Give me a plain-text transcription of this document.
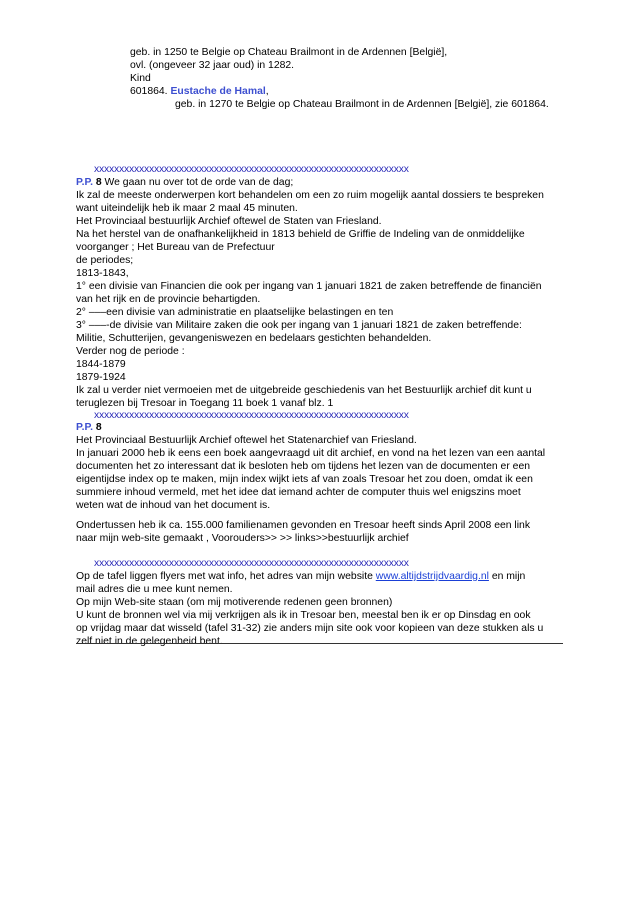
geb. in 1250 te Belgie op Chateau Brailmont in de Ardennen [België],
ovl. (ongeveer 32 jaar oud) in 1282.
Kind
601864. Eustache de Hamal,
geb. in 1270 te Belgie op Chateau Brailmont in de Ardennen [België], zie 601864.
xxxxxxxxxxxxxxxxxxxxxxxxxxxxxxxxxxxxxxxxxxxxxxxxxxxxxxxxxxxxxxx
P.P. 8 We gaan nu over tot de orde van de dag;
Ik zal de meeste onderwerpen kort behandelen om een zo ruim mogelijk aantal dossiers te bespreken
want uiteindelijk heb ik maar 2 maal 45 minuten.
Het Provinciaal bestuurlijk Archief oftewel de Staten van Friesland.
Na het herstel van de onafhankelijkheid in 1813 behield de Griffie de Indeling van de onmiddelijke
voorganger ; Het Bureau van de Prefectuur
de periodes;
1813-1843,
1° een divisie van Financien die ook per ingang van 1 januari 1821 de zaken betreffende de financiën
van het rijk en de provincie behartigden.
2° –––een divisie van administratie en plaatselijke belastingen en ten
3° –––-de divisie van Militaire zaken die ook per ingang van 1 januari 1821 de zaken betreffende:
Militie, Schutterijen, gevangeniswezen en bedelaars gestichten behandelden.
Verder nog de periode :
1844-1879
1879-1924
Ik zal u verder niet vermoeien met de uitgebreide geschiedenis van het Bestuurlijk archief dit kunt u
teruglezen bij Tresoar in Toegang 11 boek 1 vanaf blz. 1
xxxxxxxxxxxxxxxxxxxxxxxxxxxxxxxxxxxxxxxxxxxxxxxxxxxxxxxxxxxxxxx
P.P. 8
Het Provinciaal Bestuurlijk Archief oftewel het Statenarchief van Friesland.
In januari 2000 heb ik eens een boek aangevraagd uit dit archief, en vond na het lezen van een aantal
documenten het zo interessant dat ik besloten heb om tijdens het lezen van de documenten er een
eigentijdse index op te maken, mijn index wijkt iets af van zoals Tresoar het zou doen, omdat ik een
summiere inhoud vermeld, met het idee dat iemand achter de computer thuis wel enigszins moet
weten wat de inhoud van het document is.
Ondertussen heb ik ca. 155.000 familienamen gevonden en Tresoar heeft sinds April 2008 een link
naar mijn web-site gemaakt , Voorouders>> >> links>>bestuurlijk archief
xxxxxxxxxxxxxxxxxxxxxxxxxxxxxxxxxxxxxxxxxxxxxxxxxxxxxxxxxxxxxxx
Op de tafel liggen flyers met wat info, het adres van mijn website www.altijdstrijdvaardig.nl en mijn
mail adres die u mee kunt nemen.
Op mijn Web-site staan (om mij motiverende redenen geen bronnen)
U kunt de bronnen wel via mij verkrijgen als ik in Tresoar ben, meestal ben ik er op Dinsdag en ook
op vrijdag maar dat wisseld (tafel 31-32) zie anders mijn site ook voor kopieen van deze stukken als u
zelf niet in de gelegenheid bent.
